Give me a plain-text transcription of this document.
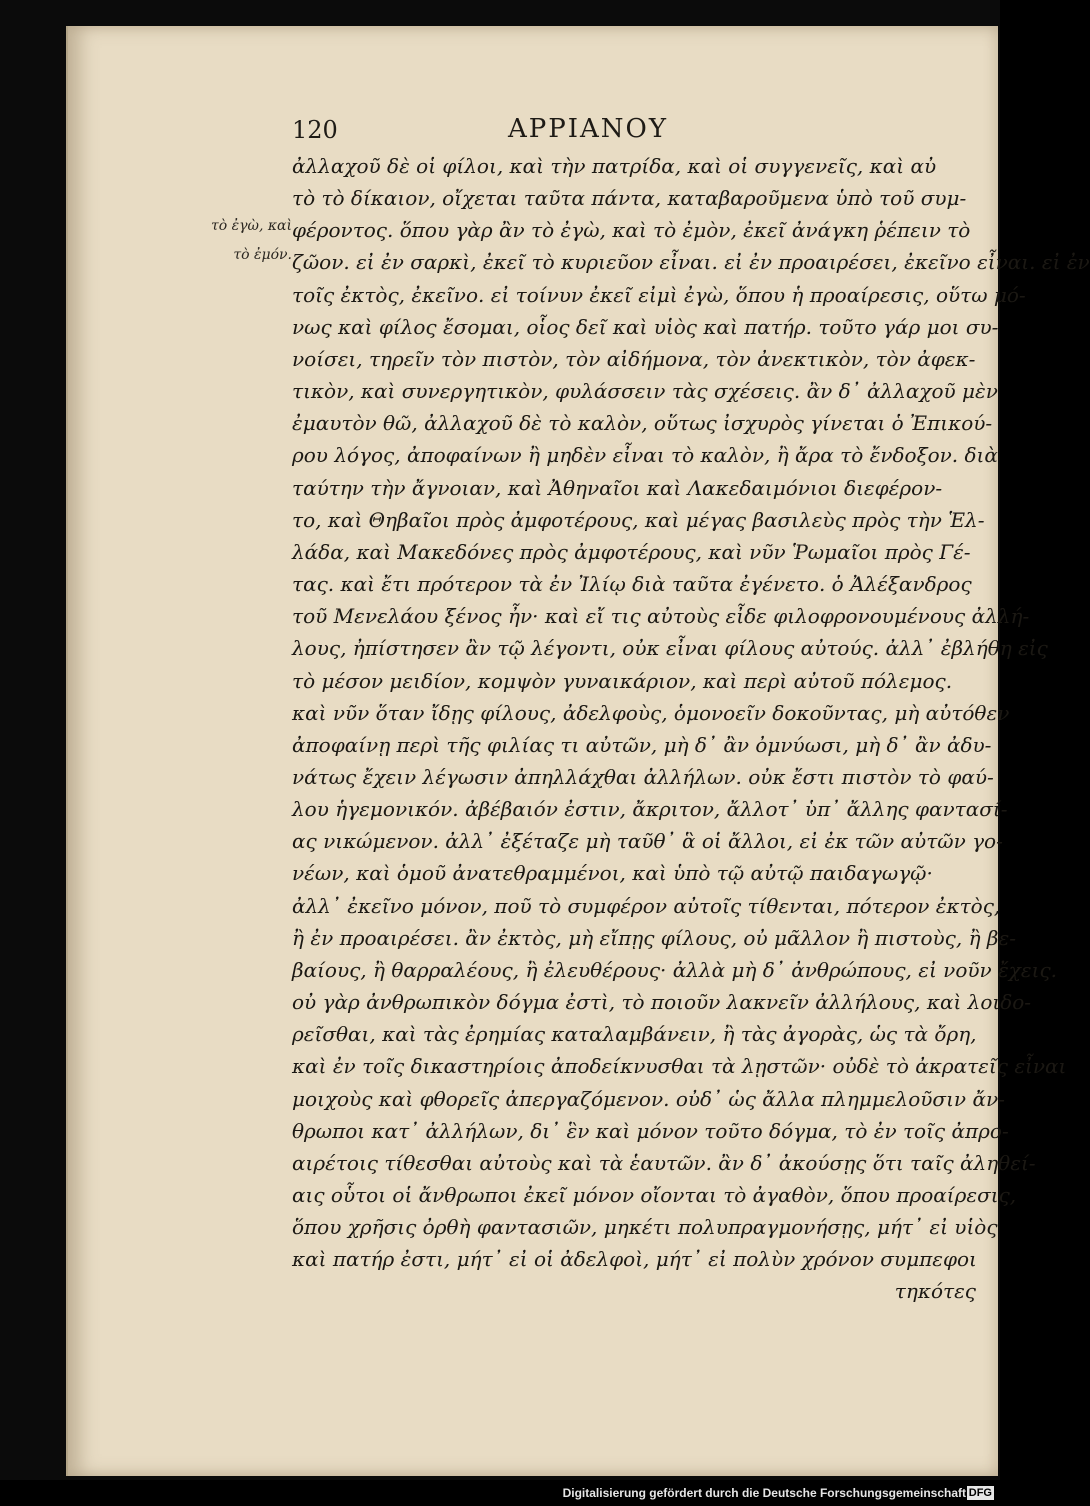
120	ΑΡΡΙΑΝΟΥ
τὸ ἐγὼ, καὶ
τὸ ἐμόν.
ἀλλαχοῦ δὲ οἱ φίλοι, καὶ τὴν πατρίδα, καὶ οἱ συγγενεῖς, καὶ αὐ
τὸ τὸ δίκαιον, οἴχεται ταῦτα πάντα, καταβαροῦμενα ὑπὸ τοῦ συμ-
φέροντος. ὅπου γὰρ ἂν τὸ ἐγὼ, καὶ τὸ ἐμὸν, ἐκεῖ ἀνάγκη ῥέπειν τὸ
ζῶον. εἰ ἐν σαρκὶ, ἐκεῖ τὸ κυριεῦον εἶναι. εἰ ἐν προαιρέσει, ἐκεῖνο εἶναι. εἰ ἐν
τοῖς ἐκτὸς, ἐκεῖνο. εἰ τοίνυν ἐκεῖ εἰμὶ ἐγὼ, ὅπου ἡ προαίρεσις, οὕτω μό-
νως καὶ φίλος ἔσομαι, οἷος δεῖ καὶ υἱὸς καὶ πατήρ. τοῦτο γάρ μοι συ-
νοίσει, τηρεῖν τὸν πιστὸν, τὸν αἰδήμονα, τὸν ἀνεκτικὸν, τὸν ἀφεκ-
τικὸν, καὶ συνεργητικὸν, φυλάσσειν τὰς σχέσεις. ἂν δ᾽ ἀλλαχοῦ μὲν
ἐμαυτὸν θῶ, ἀλλαχοῦ δὲ τὸ καλὸν, οὕτως ἰσχυρὸς γίνεται ὁ Ἐπικού-
ρου λόγος, ἀποφαίνων ἢ μηδὲν εἶναι τὸ καλὸν, ἢ ἄρα τὸ ἔνδοξον. διὰ
ταύτην τὴν ἄγνοιαν, καὶ Ἀθηναῖοι καὶ Λακεδαιμόνιοι διεφέρον-
το, καὶ Θηβαῖοι πρὸς ἀμφοτέρους, καὶ μέγας βασιλεὺς πρὸς τὴν Ἑλ-
λάδα, καὶ Μακεδόνες πρὸς ἀμφοτέρους, καὶ νῦν Ῥωμαῖοι πρὸς Γέ-
τας. καὶ ἔτι πρότερον τὰ ἐν Ἰλίῳ διὰ ταῦτα ἐγένετο. ὁ Ἀλέξανδρος
τοῦ Μενελάου ξένος ἦν· καὶ εἴ τις αὐτοὺς εἶδε φιλοφρονουμένους ἀλλή-
λους, ἠπίστησεν ἂν τῷ λέγοντι, οὐκ εἶναι φίλους αὐτούς. ἀλλ᾽ ἐβλήθη εἰς
τὸ μέσον μειδίον, κομψὸν γυναικάριον, καὶ περὶ αὐτοῦ πόλεμος.
καὶ νῦν ὅταν ἴδῃς φίλους, ἀδελφοὺς, ὁμονοεῖν δοκοῦντας, μὴ αὐτόθεν
ἀποφαίνῃ περὶ τῆς φιλίας τι αὐτῶν, μὴ δ᾽ ἂν ὀμνύωσι, μὴ δ᾽ ἂν ἀδυ-
νάτως ἔχειν λέγωσιν ἀπηλλάχθαι ἀλλήλων. οὐκ ἔστι πιστὸν τὸ φαύ-
λου ἡγεμονικόν. ἀβέβαιόν ἐστιν, ἄκριτον, ἄλλοτ᾽ ὑπ᾽ ἄλλης φαντασί-
ας νικώμενον. ἀλλ᾽ ἐξέταζε μὴ ταῦθ᾽ ἃ οἱ ἄλλοι, εἰ ἐκ τῶν αὐτῶν γο-
νέων, καὶ ὁμοῦ ἀνατεθραμμένοι, καὶ ὑπὸ τῷ αὐτῷ παιδαγωγῷ·
ἀλλ᾽ ἐκεῖνο μόνον, ποῦ τὸ συμφέρον αὐτοῖς τίθενται, πότερον ἐκτὸς,
ἢ ἐν προαιρέσει. ἂν ἐκτὸς, μὴ εἴπῃς φίλους, οὐ μᾶλλον ἢ πιστοὺς, ἢ βε-
βαίους, ἢ θαρραλέους, ἢ ἐλευθέρους· ἀλλὰ μὴ δ᾽ ἀνθρώπους, εἰ νοῦν ἔχεις.
οὐ γὰρ ἀνθρωπικὸν δόγμα ἐστὶ, τὸ ποιοῦν λακνεῖν ἀλλήλους, καὶ λοιδο-
ρεῖσθαι, καὶ τὰς ἐρημίας καταλαμβάνειν, ἢ τὰς ἀγορὰς, ὡς τὰ ὄρη,
καὶ ἐν τοῖς δικαστηρίοις ἀποδείκνυσθαι τὰ λῃστῶν· οὐδὲ τὸ ἀκρατεῖς εἶναι
μοιχοὺς καὶ φθορεῖς ἀπεργαζόμενον. οὐδ᾽ ὡς ἄλλα πλημμελοῦσιν ἄν-
θρωποι κατ᾽ ἀλλήλων, δι᾽ ἓν καὶ μόνον τοῦτο δόγμα, τὸ ἐν τοῖς ἀπρο-
αιρέτοις τίθεσθαι αὐτοὺς καὶ τὰ ἑαυτῶν. ἂν δ᾽ ἀκούσῃς ὅτι ταῖς ἀληθεί-
αις οὗτοι οἱ ἄνθρωποι ἐκεῖ μόνον οἴονται τὸ ἀγαθὸν, ὅπου προαίρεσις,
ὅπου χρῆσις ὀρθὴ φαντασιῶν, μηκέτι πολυπραγμονήσῃς, μήτ᾽ εἰ υἱὸς
καὶ πατήρ ἐστι, μήτ᾽ εἰ οἱ ἀδελφοὶ, μήτ᾽ εἰ πολὺν χρόνον συμπεφοι
τηκότες
Digitalisierung gefördert durch die Deutsche Forschungsgemeinschaft DFG
